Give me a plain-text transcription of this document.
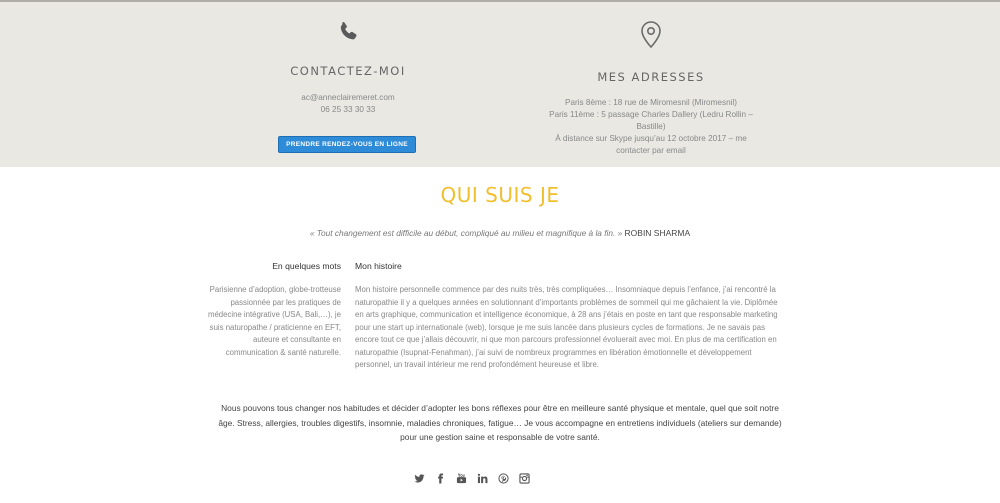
CONTACTEZ-MOI
ac@anneclairemeret.com
06 25 33 30 33
PRENDRE RENDEZ-VOUS EN LIGNE
MES ADRESSES
Paris 8ème : 18 rue de Miromesnil (Miromesnil)
Paris 11ème : 5 passage Charles Dallery (Ledru Rollin –
Bastille)
À distance sur Skype jusqu’au 12 octobre 2017 – me
contacter par email
QUI SUIS JE
« Tout changement est difficile au début, compliqué au milieu et magnifique à la fin. » ROBIN SHARMA
En quelques mots Mon histoire
Parisienne d’adoption, globe-trotteuse
passionnée par les pratiques de
médecine intégrative (USA, Bali,…), je
suis naturopathe / praticienne en EFT,
auteure et consultante en
communication & santé naturelle.
Mon histoire personnelle commence par des nuits très, très compliquées… Insomniaque depuis l’enfance, j’ai rencontré la
naturopathie il y a quelques années en solutionnant d’importants problèmes de sommeil qui me gâchaient la vie. Diplômée
en arts graphique, communication et intelligence économique, à 28 ans j’étais en poste en tant que responsable marketing
pour une start up internationale (web), lorsque je me suis lancée dans plusieurs cycles de formations. Je ne savais pas
encore tout ce que j’allais découvrir, ni que mon parcours professionnel évoluerait avec moi. En plus de ma certification en
naturopathie (Isupnat-Fenahman), j’ai suivi de nombreux programmes en libération émotionnelle et développement
personnel, un travail intérieur me rend profondément heureuse et libre.
Nous pouvons tous changer nos habitudes et décider d’adopter les bons réflexes pour être en meilleure santé physique et mentale, quel que soit notre
âge. Stress, allergies, troubles digestifs, insomnie, maladies chroniques, fatigue… Je vous accompagne en entretiens individuels (ateliers sur demande)
pour une gestion saine et responsable de votre santé.
